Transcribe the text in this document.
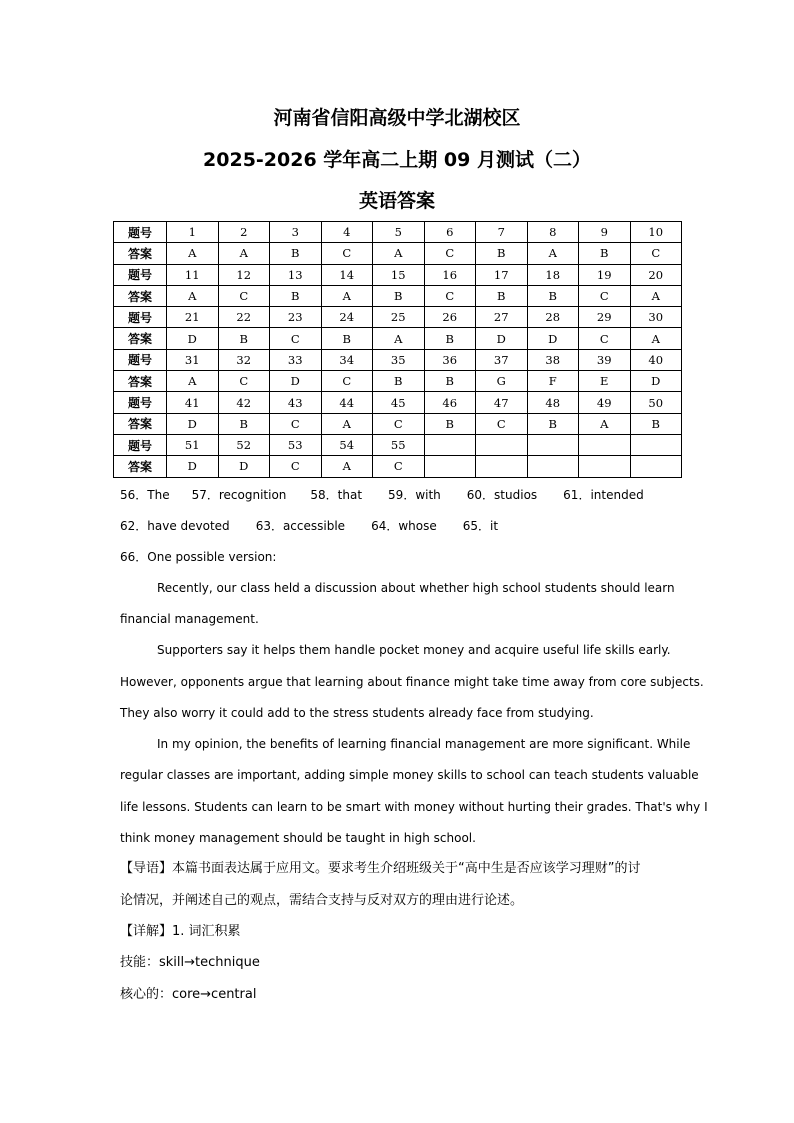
河南省信阳高级中学北湖校区
2025-2026 学年高二上期 09 月测试（二）
英语答案
题号	1	2	3	4	5	6	7	8	9	10
答案	A	A	B	C	A	C	B	A	B	C
题号	11	12	13	14	15	16	17	18	19	20
答案	A	C	B	A	B	C	B	B	C	A
题号	21	22	23	24	25	26	27	28	29	30
答案	D	B	C	B	A	B	D	D	C	A
题号	31	32	33	34	35	36	37	38	39	40
答案	A	C	D	C	B	B	G	F	E	D
题号	41	42	43	44	45	46	47	48	49	50
答案	D	B	C	A	C	B	C	B	A	B
题号	51	52	53	54	55					
答案	D	D	C	A	C					
56．The 57．recognition 58．that 59．with 60．studios 61．intended
62．have devoted 63．accessible 64．whose 65．it
66．One possible version:
Recently, our class held a discussion about whether high school students should learn
financial management.
Supporters say it helps them handle pocket money and acquire useful life skills early.
However, opponents argue that learning about finance might take time away from core subjects.
They also worry it could add to the stress students already face from studying.
In my opinion, the benefits of learning financial management are more significant. While
regular classes are important, adding simple money skills to school can teach students valuable
life lessons. Students can learn to be smart with money without hurting their grades. That's why I
think money management should be taught in high school.
【导语】本篇书面表达属于应用文。要求考生介绍班级关于“高中生是否应该学习理财”的讨
论情况，并阐述自己的观点，需结合支持与反对双方的理由进行论述。
【详解】1. 词汇积累
技能：skill→technique
核心的：core→central
